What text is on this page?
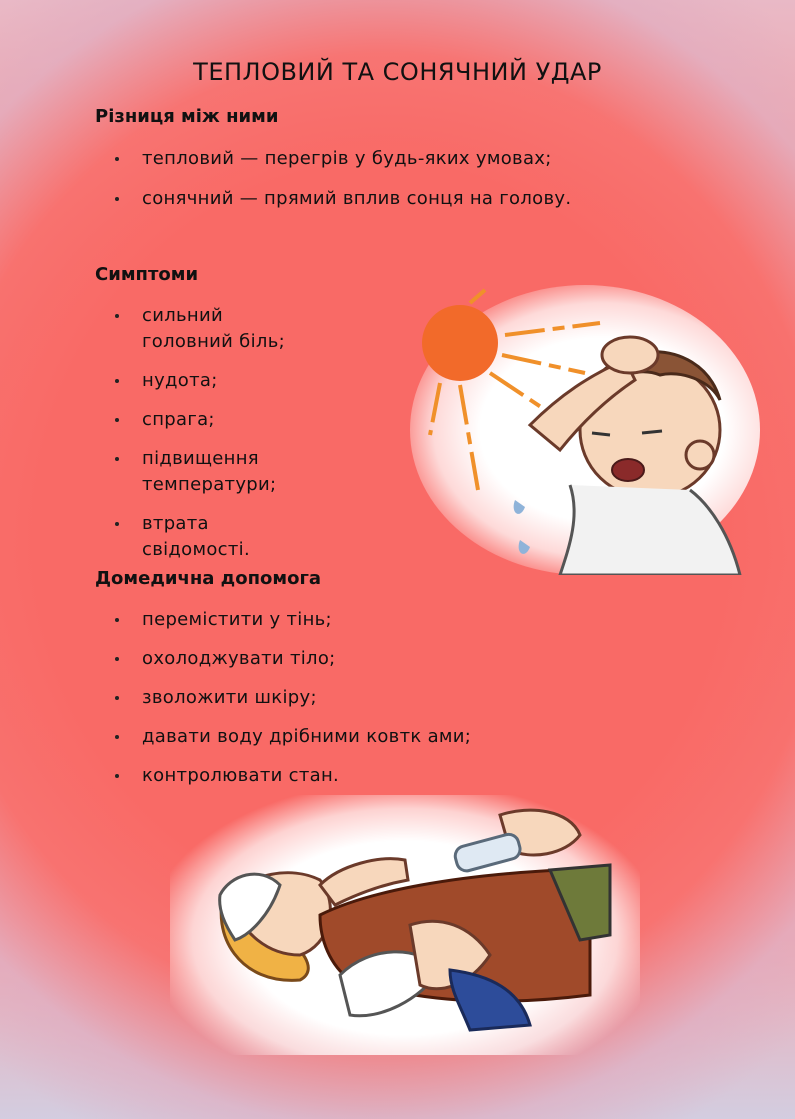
ТЕПЛОВИЙ ТА СОНЯЧНИЙ УДАР
Різниця між ними
тепловий — перегрів у будь-яких умовах;
сонячний — прямий вплив сонця на голову.
Симптоми
сильний головний біль;
нудота;
спрага;
підвищення температури;
втрата свідомості.
Домедична допомога
перемістити у тінь;
охолоджувати тіло;
зволожити шкіру;
давати воду дрібними ковтк ами;
контролювати стан.
